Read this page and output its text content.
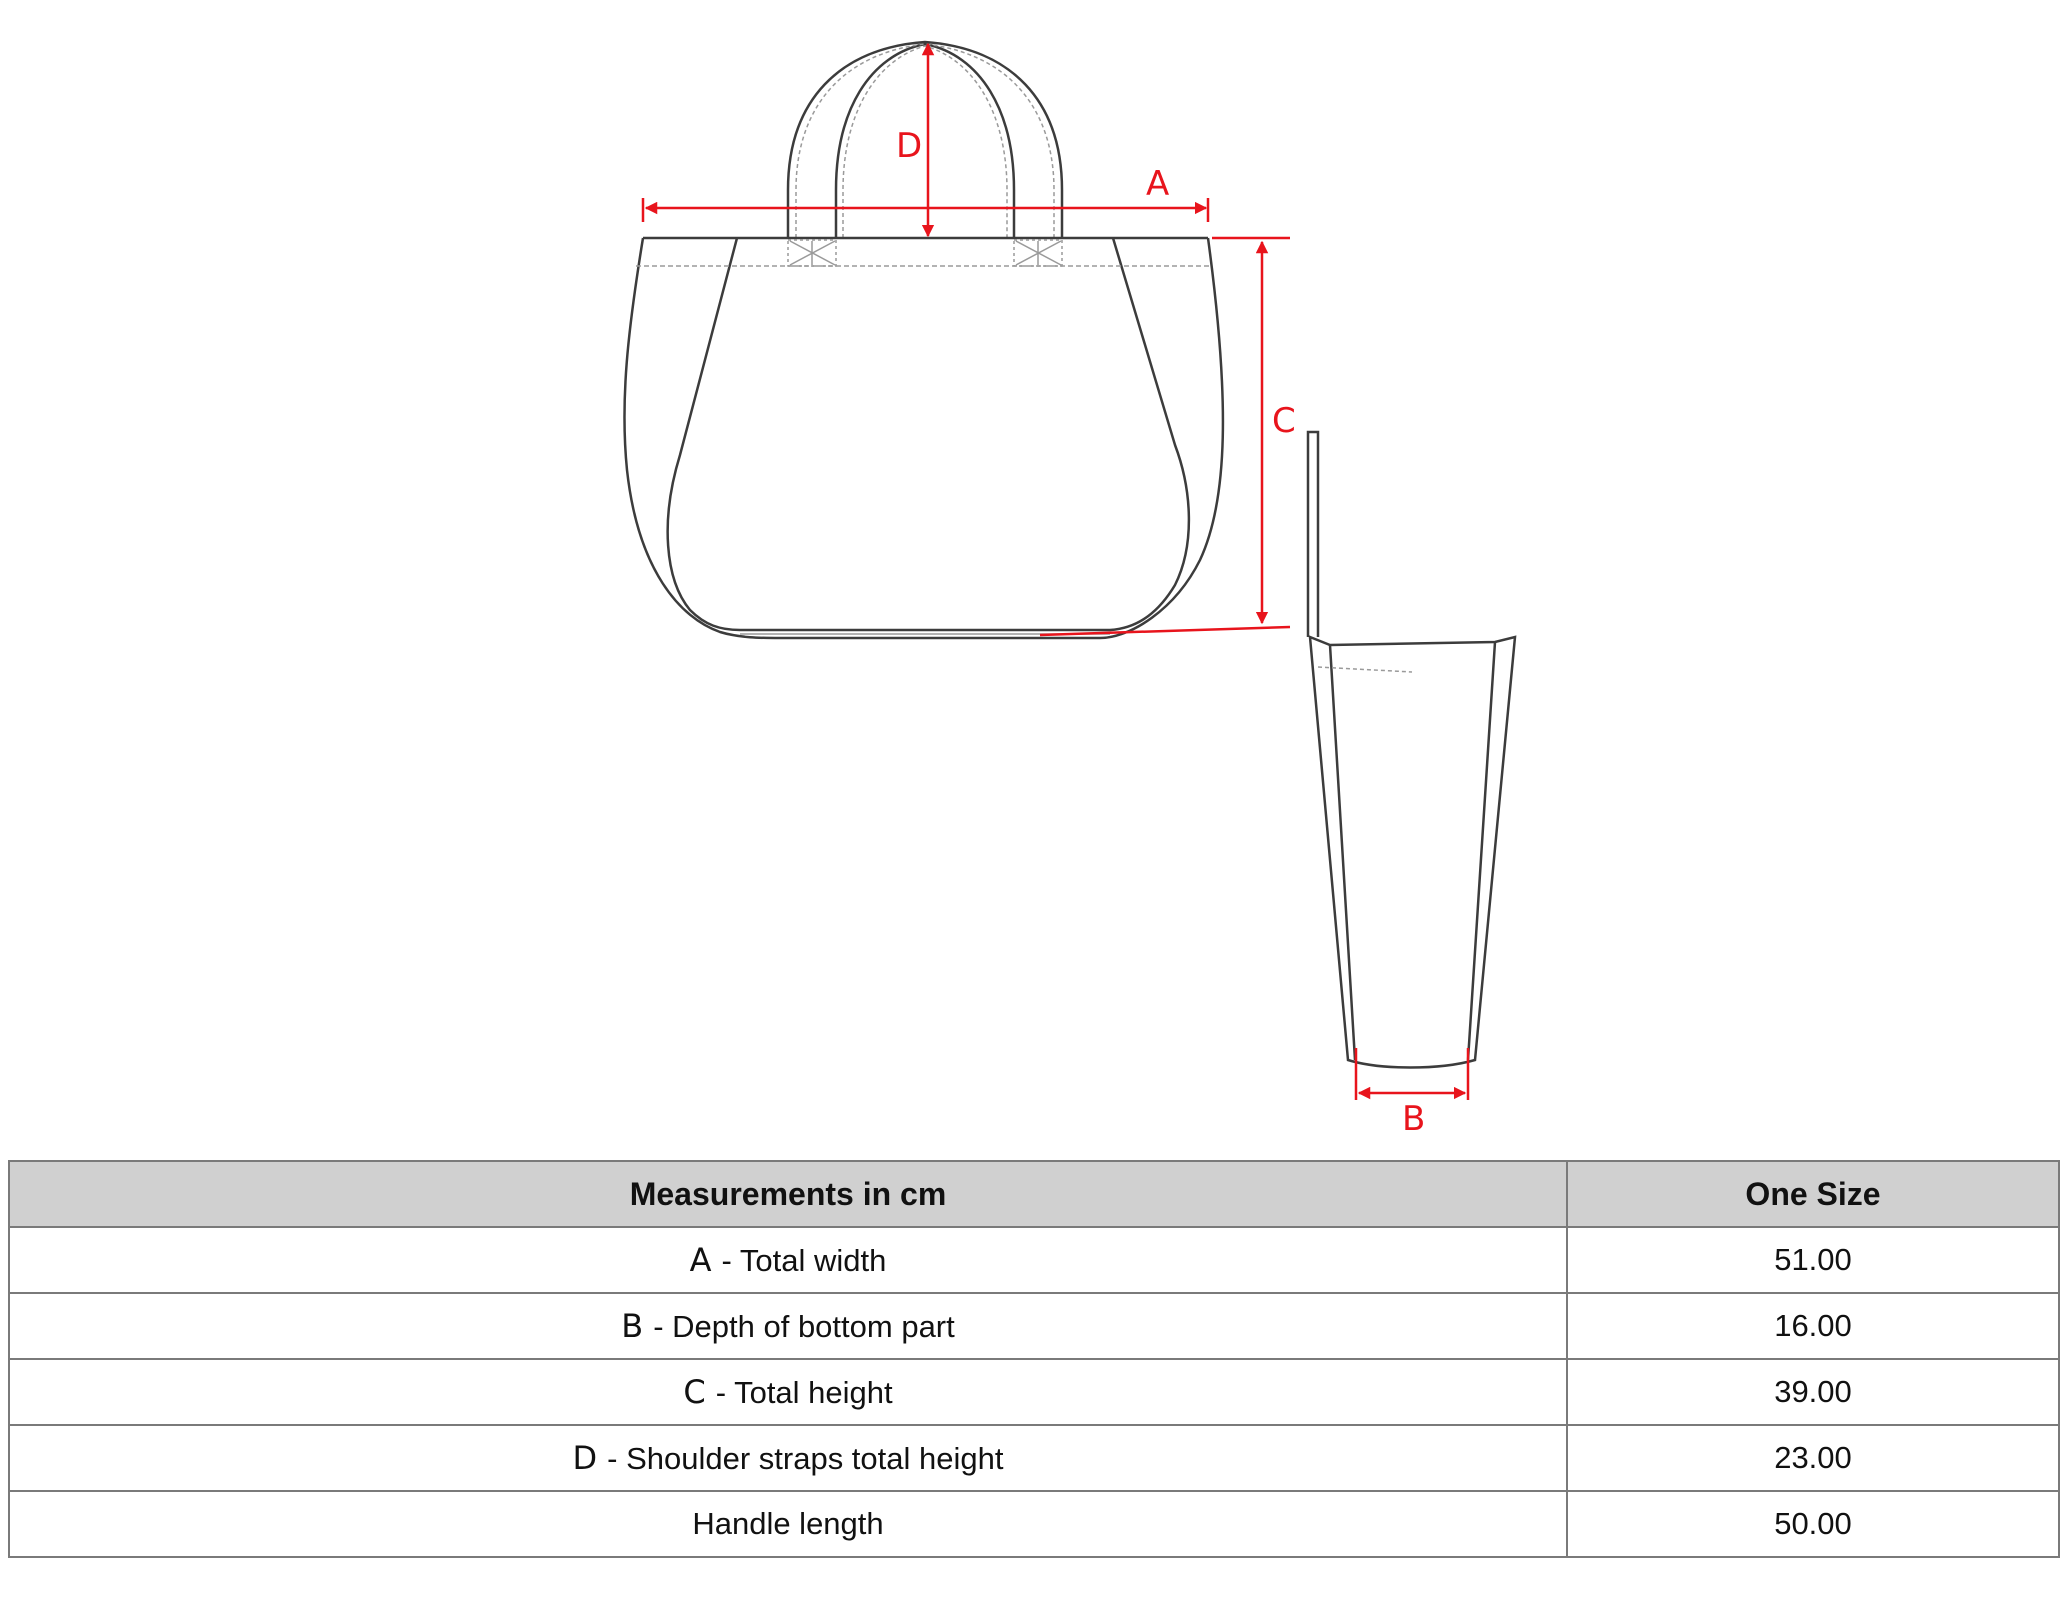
A
D
C
B
Measurements in cm	One Size
A - Total width	51.00
B - Depth of bottom part	16.00
C - Total height	39.00
D - Shoulder straps total height	23.00
Handle length	50.00
